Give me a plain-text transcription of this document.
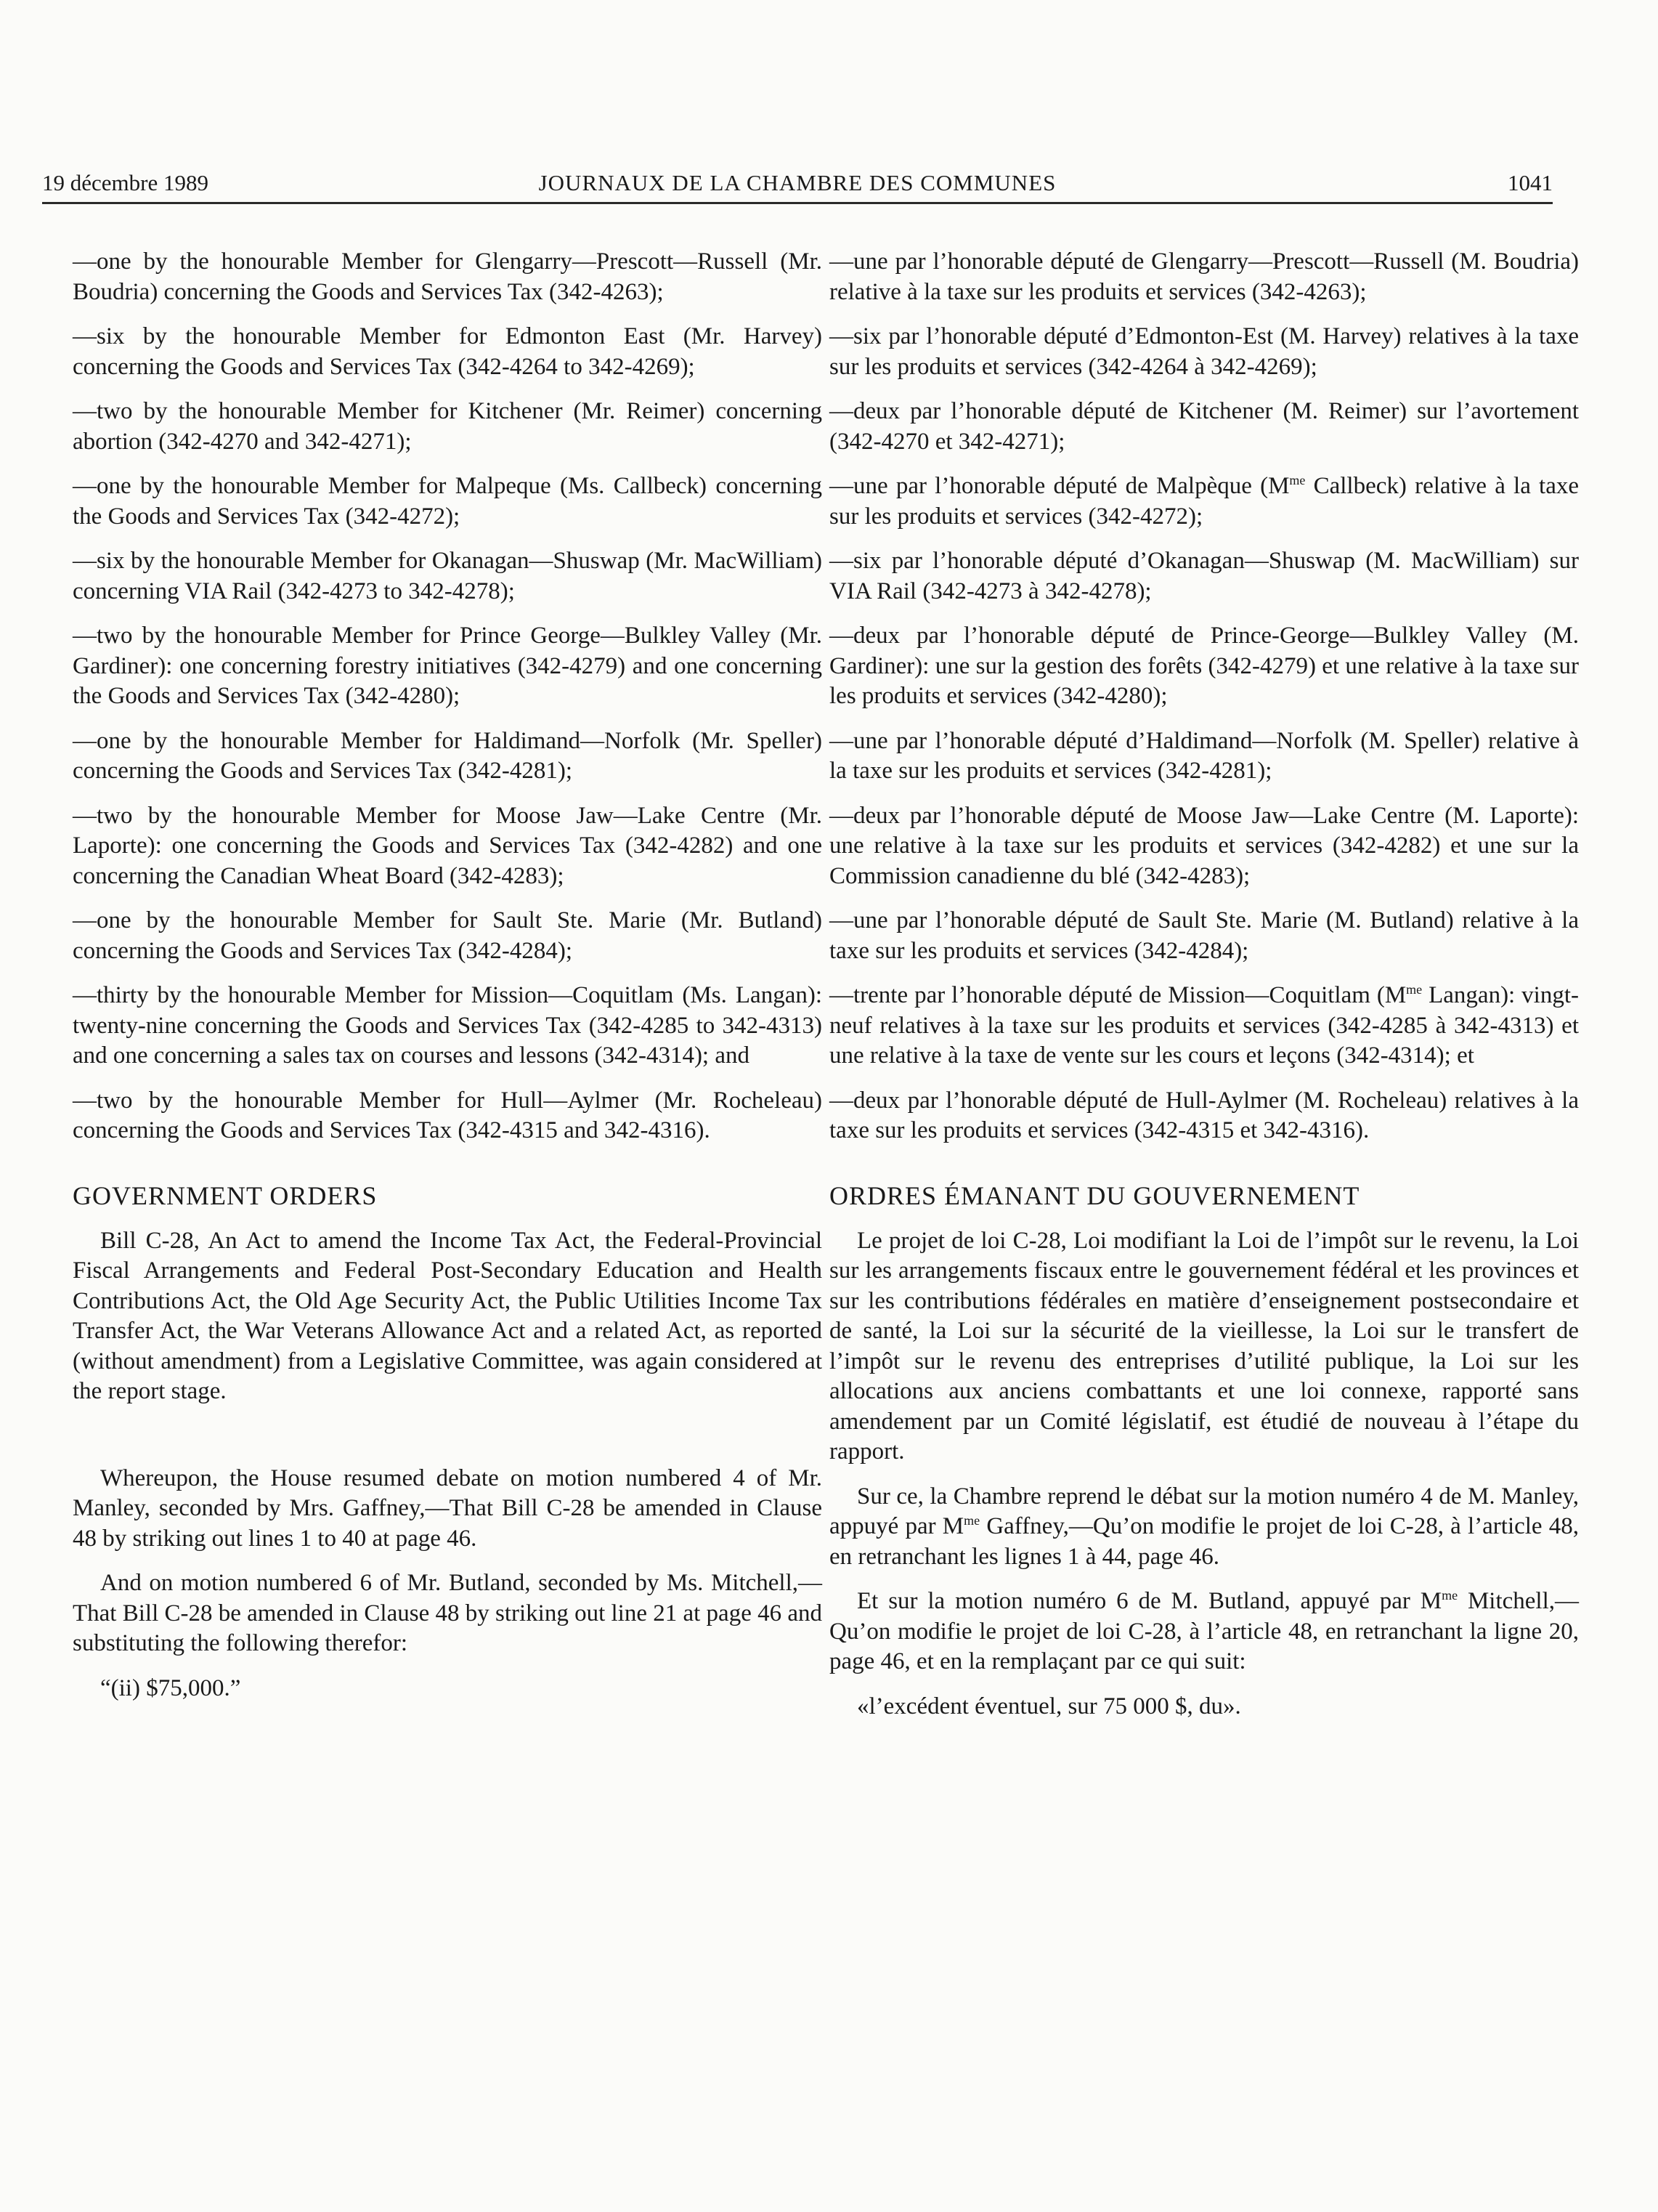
19 décembre 1989	JOURNAUX DE LA CHAMBRE DES COMMUNES	1041

—one by the honourable Member for Glengarry—Prescott—Russell (Mr. Boudria) concerning the Goods and Services Tax (342-4263);

—six by the honourable Member for Edmonton East (Mr. Harvey) concerning the Goods and Services Tax (342-4264 to 342-4269);

—two by the honourable Member for Kitchener (Mr. Reimer) concerning abortion (342-4270 and 342-4271);

—one by the honourable Member for Malpeque (Ms. Callbeck) concerning the Goods and Services Tax (342-4272);

—six by the honourable Member for Okanagan—Shuswap (Mr. MacWilliam) concerning VIA Rail (342-4273 to 342-4278);

—two by the honourable Member for Prince George—Bulkley Valley (Mr. Gardiner): one concerning forestry initiatives (342-4279) and one concerning the Goods and Services Tax (342-4280);

—one by the honourable Member for Haldimand—Norfolk (Mr. Speller) concerning the Goods and Services Tax (342-4281);

—two by the honourable Member for Moose Jaw—Lake Centre (Mr. Laporte): one concerning the Goods and Services Tax (342-4282) and one concerning the Canadian Wheat Board (342-4283);

—one by the honourable Member for Sault Ste. Marie (Mr. Butland) concerning the Goods and Services Tax (342-4284);

—thirty by the honourable Member for Mission—Coquitlam (Ms. Langan): twenty-nine concerning the Goods and Services Tax (342-4285 to 342-4313) and one concerning a sales tax on courses and lessons (342-4314); and

—two by the honourable Member for Hull—Aylmer (Mr. Rocheleau) concerning the Goods and Services Tax (342-4315 and 342-4316).

GOVERNMENT ORDERS

Bill C-28, An Act to amend the Income Tax Act, the Federal-Provincial Fiscal Arrangements and Federal Post-Secondary Education and Health Contributions Act, the Old Age Security Act, the Public Utilities Income Tax Transfer Act, the War Veterans Allowance Act and a related Act, as reported (without amendment) from a Legislative Committee, was again considered at the report stage.

Whereupon, the House resumed debate on motion numbered 4 of Mr. Manley, seconded by Mrs. Gaffney,—That Bill C-28 be amended in Clause 48 by striking out lines 1 to 40 at page 46.

And on motion numbered 6 of Mr. Butland, seconded by Ms. Mitchell,—That Bill C-28 be amended in Clause 48 by striking out line 21 at page 46 and substituting the following therefor:

“(ii) $75,000.”

—une par l’honorable député de Glengarry—Prescott—Russell (M. Boudria) relative à la taxe sur les produits et services (342-4263);

—six par l’honorable député d’Edmonton-Est (M. Harvey) relatives à la taxe sur les produits et services (342-4264 à 342-4269);

—deux par l’honorable député de Kitchener (M. Reimer) sur l’avortement (342-4270 et 342-4271);

—une par l’honorable député de Malpèque ($M^{me}$ Callbeck) relative à la taxe sur les produits et services (342-4272);

—six par l’honorable député d’Okanagan—Shuswap (M. MacWilliam) sur VIA Rail (342-4273 à 342-4278);

—deux par l’honorable député de Prince-George—Bulkley Valley (M. Gardiner): une sur la gestion des forêts (342-4279) et une relative à la taxe sur les produits et services (342-4280);

—une par l’honorable député d’Haldimand—Norfolk (M. Speller) relative à la taxe sur les produits et services (342-4281);

—deux par l’honorable député de Moose Jaw—Lake Centre (M. Laporte): une relative à la taxe sur les produits et services (342-4282) et une sur la Commission canadienne du blé (342-4283);

—une par l’honorable député de Sault Ste. Marie (M. Butland) relative à la taxe sur les produits et services (342-4284);

—trente par l’honorable député de Mission—Coquitlam ($M^{me}$ Langan): vingt-neuf relatives à la taxe sur les produits et services (342-4285 à 342-4313) et une relative à la taxe de vente sur les cours et leçons (342-4314); et

—deux par l’honorable député de Hull-Aylmer (M. Rocheleau) relatives à la taxe sur les produits et services (342-4315 et 342-4316).

ORDRES ÉMANANT DU GOUVERNEMENT

Le projet de loi C-28, Loi modifiant la Loi de l’impôt sur le revenu, la Loi sur les arrangements fiscaux entre le gouvernement fédéral et les provinces et sur les contributions fédérales en matière d’enseignement postsecondaire et de santé, la Loi sur la sécurité de la vieillesse, la Loi sur le transfert de l’impôt sur le revenu des entreprises d’utilité publique, la Loi sur les allocations aux anciens combattants et une loi connexe, rapporté sans amendement par un Comité législatif, est étudié de nouveau à l’étape du rapport.

Sur ce, la Chambre reprend le débat sur la motion numéro 4 de M. Manley, appuyé par $M^{me}$ Gaffney,—Qu’on modifie le projet de loi C-28, à l’article 48, en retranchant les lignes 1 à 44, page 46.

Et sur la motion numéro 6 de M. Butland, appuyé par $M^{me}$ Mitchell,—Qu’on modifie le projet de loi C-28, à l’article 48, en retranchant la ligne 20, page 46, et en la remplaçant par ce qui suit:

«l’excédent éventuel, sur 75 000 $, du».
